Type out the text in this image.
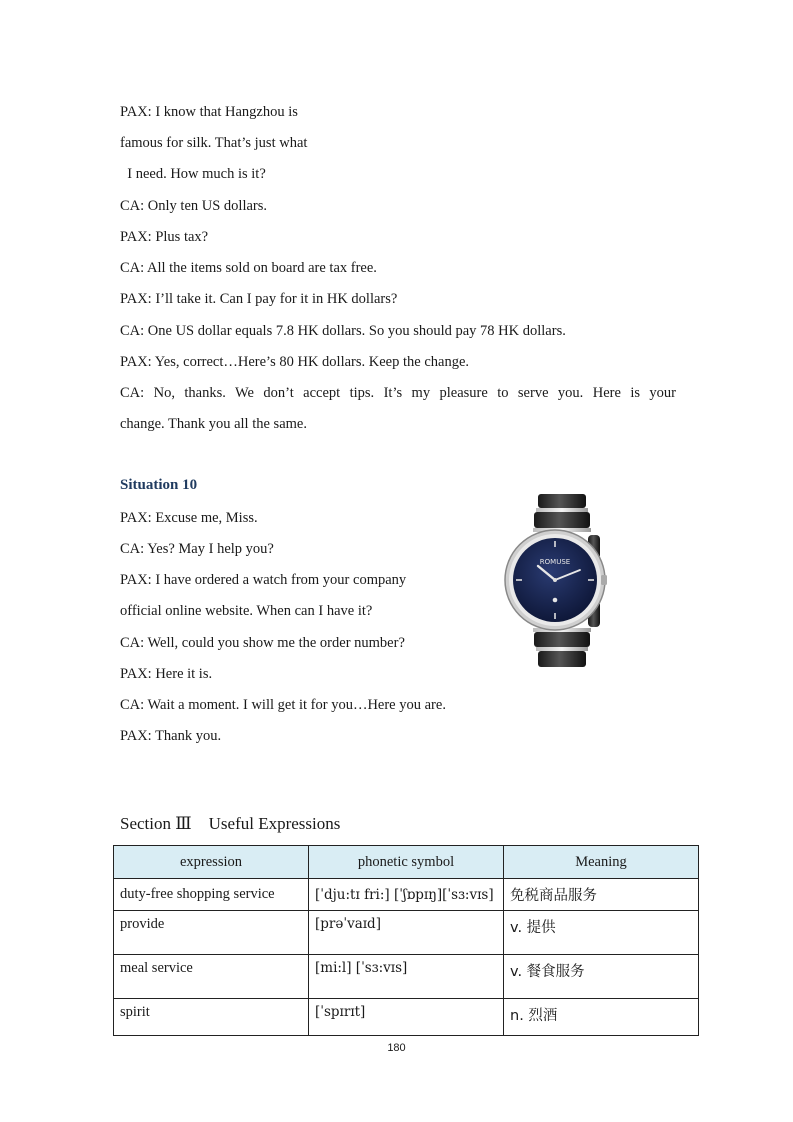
PAX: I know that Hangzhou is
famous for silk. That’s just what
I need. How much is it?
CA: Only ten US dollars.
PAX: Plus tax?
CA: All the items sold on board are tax free.
PAX: I’ll take it. Can I pay for it in HK dollars?
CA: One US dollar equals 7.8 HK dollars. So you should pay 78 HK dollars.
PAX: Yes, correct…Here’s 80 HK dollars. Keep the change.
CA: No, thanks. We don’t accept tips. It’s my pleasure to serve you. Here is your
change. Thank you all the same.
Situation 10
PAX: Excuse me, Miss.
CA: Yes? May I help you?
PAX: I have ordered a watch from your company
official online website. When can I have it?
CA: Well, could you show me the order number?
PAX: Here it is.
CA: Wait a moment. I will get it for you…Here you are.
PAX: Thank you.
ROMUSE
Section Ⅲ    Useful Expressions
expression	phonetic symbol	Meaning
duty-free shopping service	[ˈdju:tɪ fri:] [ˈʃɒpɪŋ][ˈsɜ:vɪs]	免税商品服务
provide	[prəˈvaɪd]	v. 提供
meal service	[mi:l] [ˈsɜ:vɪs]	v. 餐食服务
spirit	[ˈspɪrɪt]	n. 烈酒
180
